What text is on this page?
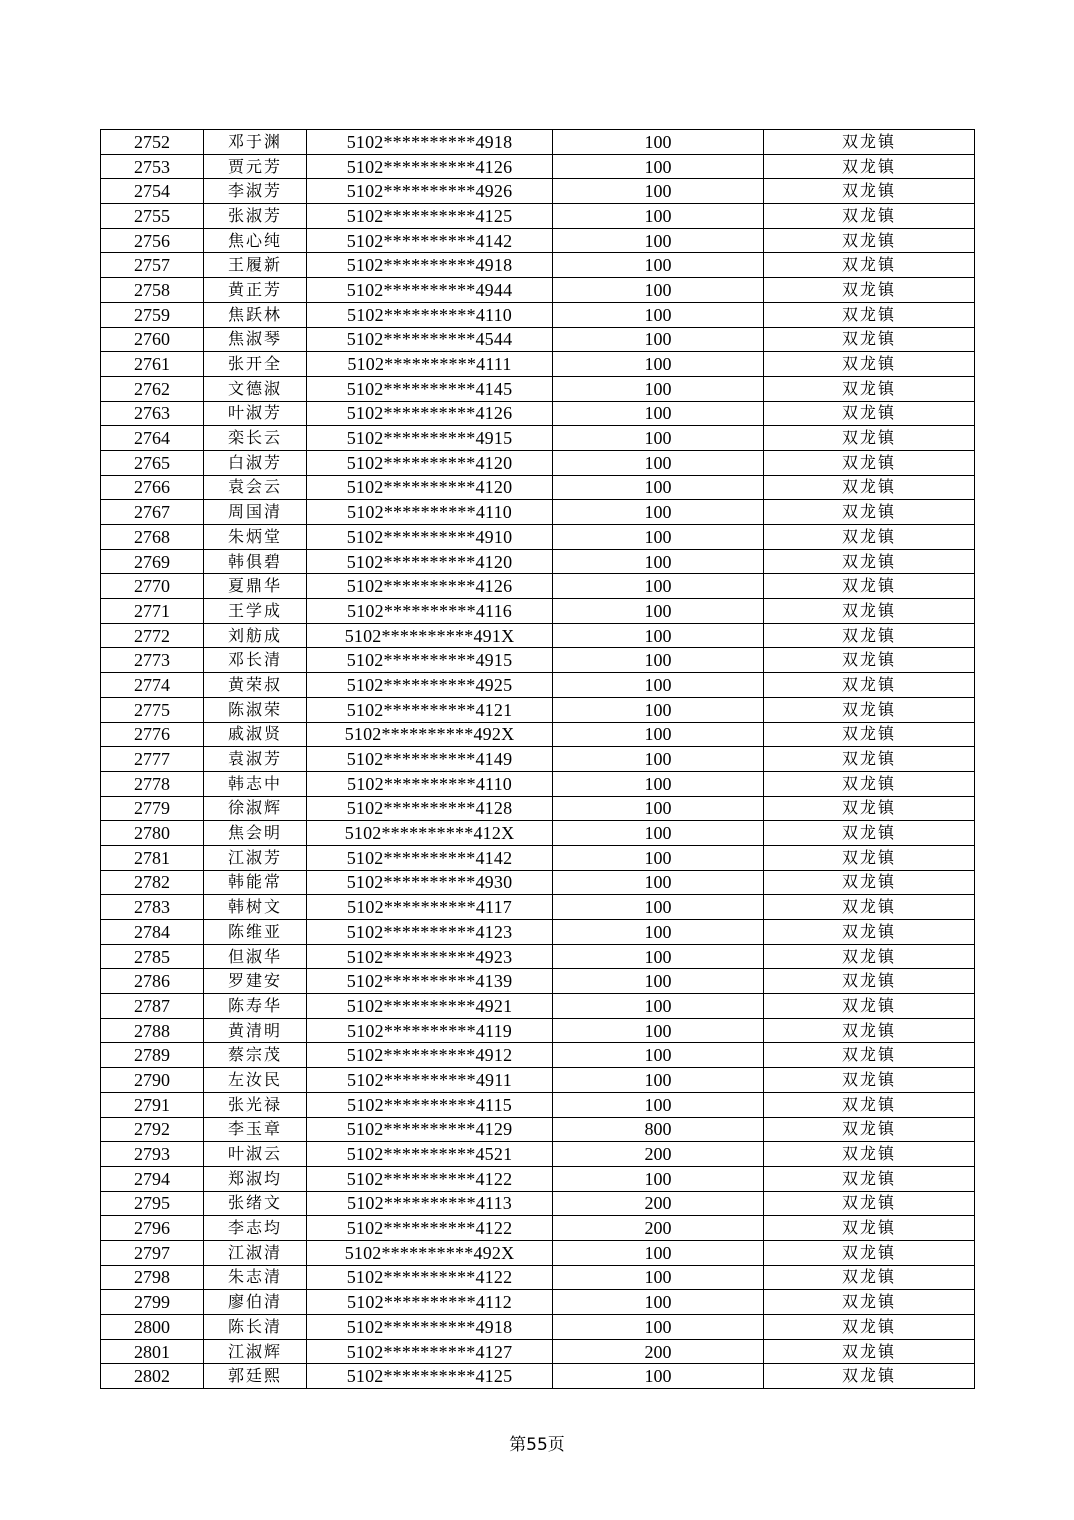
2752	邓于渊	5102**********4918	100	双龙镇
2753	贾元芳	5102**********4126	100	双龙镇
2754	李淑芳	5102**********4926	100	双龙镇
2755	张淑芳	5102**********4125	100	双龙镇
2756	焦心纯	5102**********4142	100	双龙镇
2757	王履新	5102**********4918	100	双龙镇
2758	黄正芳	5102**********4944	100	双龙镇
2759	焦跃林	5102**********4110	100	双龙镇
2760	焦淑琴	5102**********4544	100	双龙镇
2761	张开全	5102**********4111	100	双龙镇
2762	文德淑	5102**********4145	100	双龙镇
2763	叶淑芳	5102**********4126	100	双龙镇
2764	栾长云	5102**********4915	100	双龙镇
2765	白淑芳	5102**********4120	100	双龙镇
2766	袁会云	5102**********4120	100	双龙镇
2767	周国清	5102**********4110	100	双龙镇
2768	朱炳堂	5102**********4910	100	双龙镇
2769	韩俱碧	5102**********4120	100	双龙镇
2770	夏鼎华	5102**********4126	100	双龙镇
2771	王学成	5102**********4116	100	双龙镇
2772	刘舫成	5102**********491X	100	双龙镇
2773	邓长清	5102**********4915	100	双龙镇
2774	黄荣叔	5102**********4925	100	双龙镇
2775	陈淑荣	5102**********4121	100	双龙镇
2776	戚淑贤	5102**********492X	100	双龙镇
2777	袁淑芳	5102**********4149	100	双龙镇
2778	韩志中	5102**********4110	100	双龙镇
2779	徐淑辉	5102**********4128	100	双龙镇
2780	焦会明	5102**********412X	100	双龙镇
2781	江淑芳	5102**********4142	100	双龙镇
2782	韩能常	5102**********4930	100	双龙镇
2783	韩树文	5102**********4117	100	双龙镇
2784	陈维亚	5102**********4123	100	双龙镇
2785	但淑华	5102**********4923	100	双龙镇
2786	罗建安	5102**********4139	100	双龙镇
2787	陈寿华	5102**********4921	100	双龙镇
2788	黄清明	5102**********4119	100	双龙镇
2789	蔡宗茂	5102**********4912	100	双龙镇
2790	左汝民	5102**********4911	100	双龙镇
2791	张光禄	5102**********4115	100	双龙镇
2792	李玉章	5102**********4129	800	双龙镇
2793	叶淑云	5102**********4521	200	双龙镇
2794	郑淑均	5102**********4122	100	双龙镇
2795	张绪文	5102**********4113	200	双龙镇
2796	李志均	5102**********4122	200	双龙镇
2797	江淑清	5102**********492X	100	双龙镇
2798	朱志清	5102**********4122	100	双龙镇
2799	廖伯清	5102**********4112	100	双龙镇
2800	陈长清	5102**********4918	100	双龙镇
2801	江淑辉	5102**********4127	200	双龙镇
2802	郭廷熙	5102**********4125	100	双龙镇
第55页
